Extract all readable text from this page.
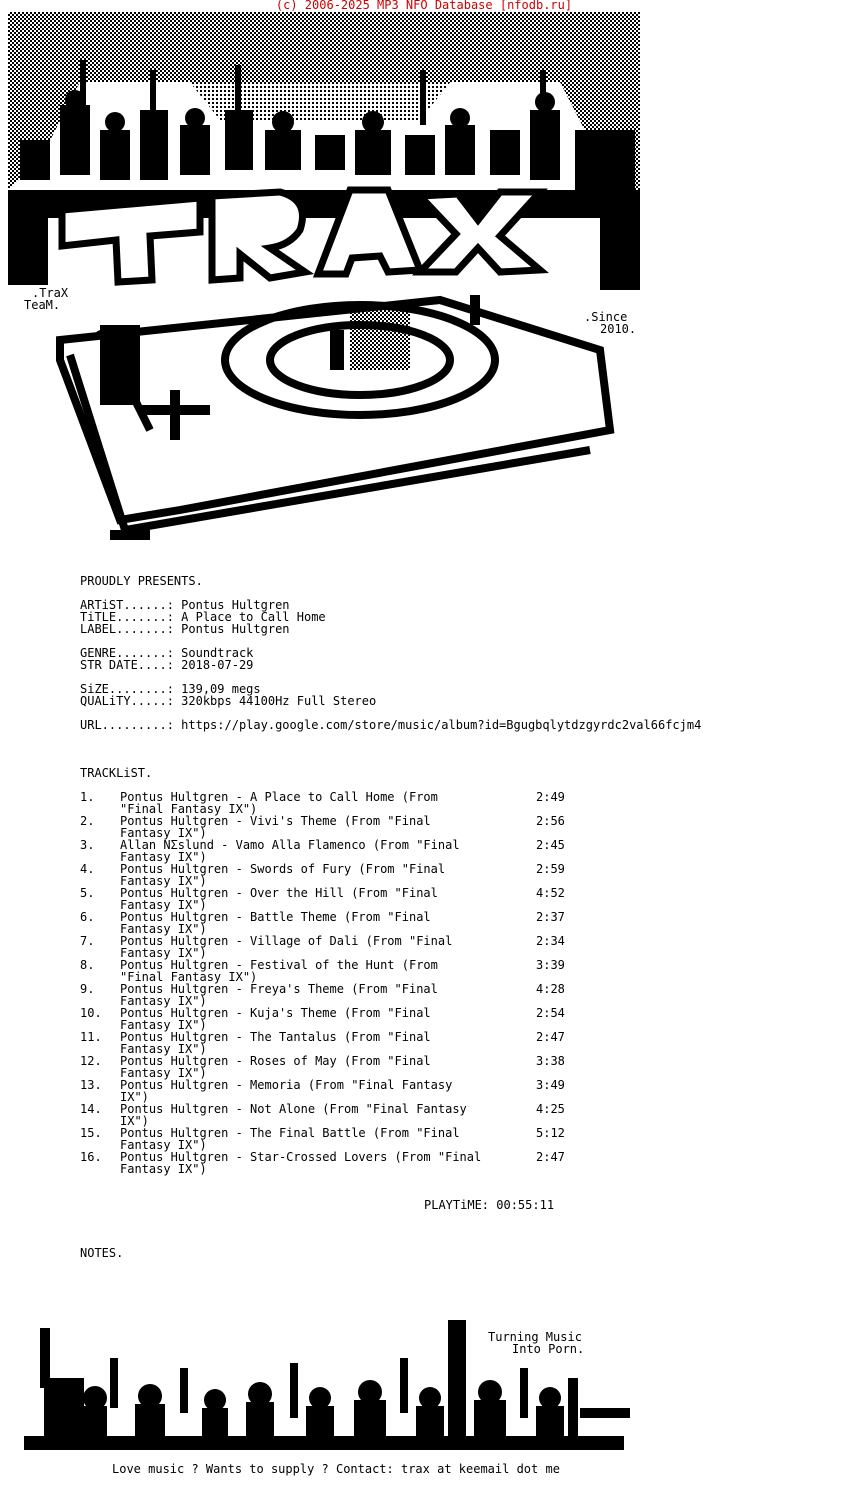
(c) 2006-2025 MP3 NFO Database [nfodb.ru]
.TraX
TeaM.
.Since
2010.
PROUDLY PRESENTS.
ARTiST......: Pontus Hultgren
TiTLE.......: A Place to Call Home
LABEL.......: Pontus Hultgren
GENRE.......: Soundtrack
STR DATE....: 2018-07-29
SiZE........: 139,09 megs
QUALiTY.....: 320kbps 44100Hz Full Stereo
URL.........: https://play.google.com/store/music/album?id=Bgugbqlytdzgyrdc2val66fcjm4
TRACKLiST.
1. Pontus Hultgren - A Place to Call Home (From
"Final Fantasy IX")
2:49
2. Pontus Hultgren - Vivi's Theme (From "Final
Fantasy IX")
2:56
3. Allan NΣslund - Vamo Alla Flamenco (From "Final
Fantasy IX")
2:45
4. Pontus Hultgren - Swords of Fury (From "Final
Fantasy IX")
2:59
5. Pontus Hultgren - Over the Hill (From "Final
Fantasy IX")
4:52
6. Pontus Hultgren - Battle Theme (From "Final
Fantasy IX")
2:37
7. Pontus Hultgren - Village of Dali (From "Final
Fantasy IX")
2:34
8. Pontus Hultgren - Festival of the Hunt (From
"Final Fantasy IX")
3:39
9. Pontus Hultgren - Freya's Theme (From "Final
Fantasy IX")
4:28
10. Pontus Hultgren - Kuja's Theme (From "Final
Fantasy IX")
2:54
11. Pontus Hultgren - The Tantalus (From "Final
Fantasy IX")
2:47
12. Pontus Hultgren - Roses of May (From "Final
Fantasy IX")
3:38
13. Pontus Hultgren - Memoria (From "Final Fantasy
IX")
3:49
14. Pontus Hultgren - Not Alone (From "Final Fantasy
IX")
4:25
15. Pontus Hultgren - The Final Battle (From "Final
Fantasy IX")
5:12
16. Pontus Hultgren - Star-Crossed Lovers (From "Final
Fantasy IX")
2:47
PLAYTiME: 00:55:11
NOTES.
Turning Music
Into Porn.
Love music ? Wants to supply ? Contact: trax at keemail dot me
